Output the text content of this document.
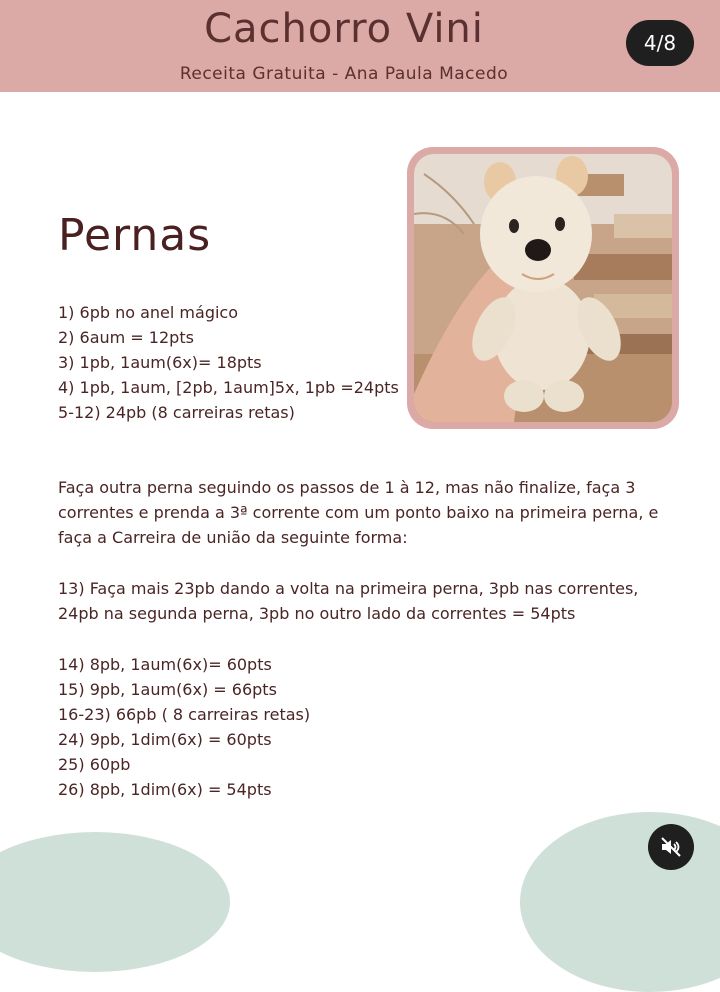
Cachorro Vini
Receita Gratuita - Ana Paula Macedo
4/8
Pernas
1) 6pb no anel mágico
2) 6aum = 12pts
3) 1pb, 1aum(6x)= 18pts
4) 1pb, 1aum, [2pb, 1aum]5x, 1pb =24pts
5-12) 24pb (8 carreiras retas)

Faça outra perna seguindo os passos de 1 à 12, mas não finalize, faça 3 correntes e prenda a 3ª corrente com um ponto baixo na primeira perna, e faça a Carreira de união da seguinte forma:

13) Faça mais 23pb dando a volta na primeira perna, 3pb nas correntes, 24pb na segunda perna, 3pb no outro lado da correntes = 54pts

14) 8pb, 1aum(6x)= 60pts
15) 9pb, 1aum(6x) = 66pts
16-23) 66pb ( 8 carreiras retas)
24) 9pb, 1dim(6x) = 60pts
25) 60pb
26) 8pb, 1dim(6x) = 54pts
